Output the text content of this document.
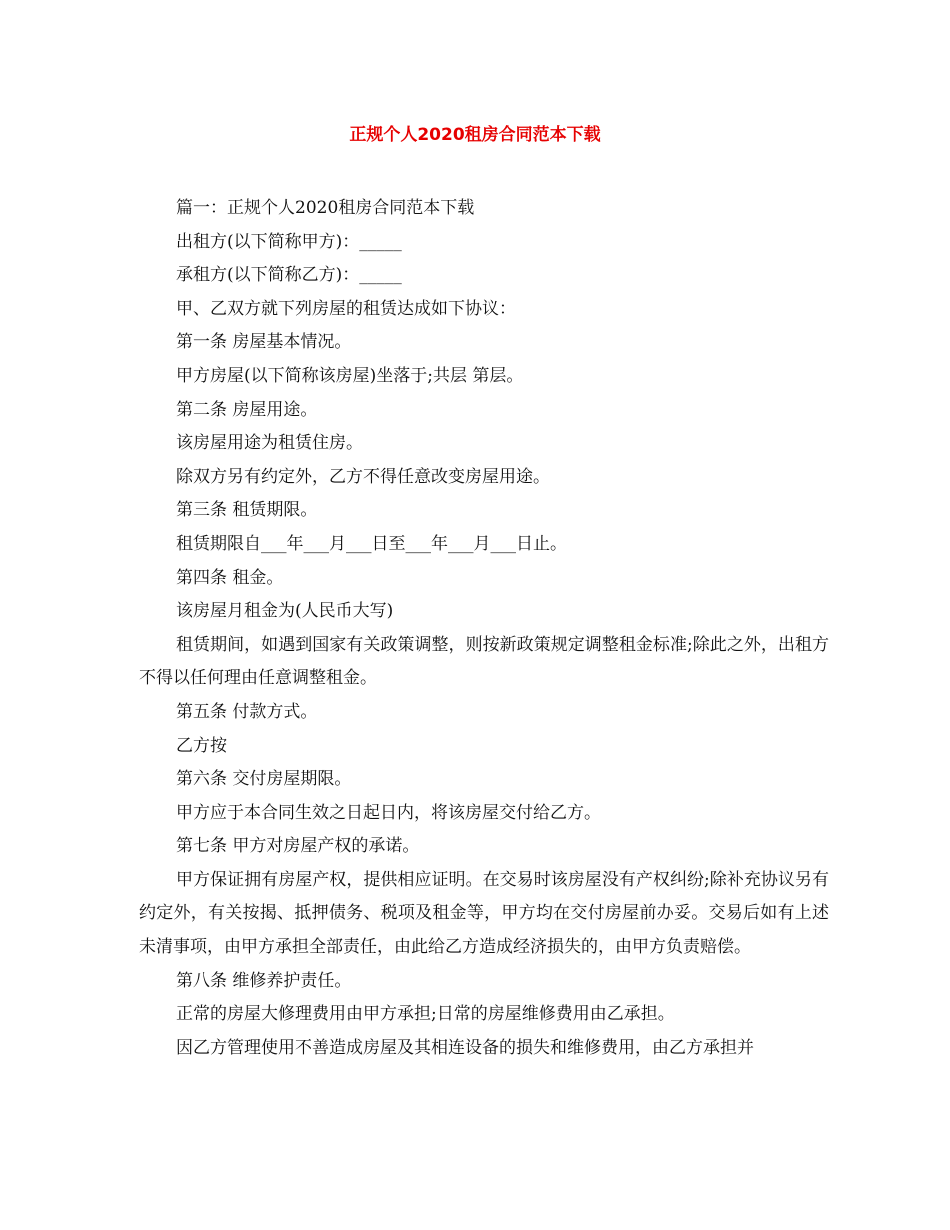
正规个人2020租房合同范本下载

篇一：正规个人2020租房合同范本下载

出租方(以下简称甲方)：_____

承租方(以下简称乙方)：_____

甲、乙双方就下列房屋的租赁达成如下协议：

第一条 房屋基本情况。

甲方房屋(以下简称该房屋)坐落于;共层 第层。

第二条 房屋用途。

该房屋用途为租赁住房。

除双方另有约定外，乙方不得任意改变房屋用途。

第三条 租赁期限。

租赁期限自___年___月___日至___年___月___日止。

第四条 租金。

该房屋月租金为(人民币大写)

租赁期间，如遇到国家有关政策调整，则按新政策规定调整租金标准;除此之外，出租方不得以任何理由任意调整租金。

第五条 付款方式。

乙方按

第六条 交付房屋期限。

甲方应于本合同生效之日起日内，将该房屋交付给乙方。

第七条 甲方对房屋产权的承诺。

甲方保证拥有房屋产权，提供相应证明。在交易时该房屋没有产权纠纷;除补充协议另有约定外，有关按揭、抵押债务、税项及租金等，甲方均在交付房屋前办妥。交易后如有上述未清事项，由甲方承担全部责任，由此给乙方造成经济损失的，由甲方负责赔偿。

第八条 维修养护责任。

正常的房屋大修理费用由甲方承担;日常的房屋维修费用由乙承担。

因乙方管理使用不善造成房屋及其相连设备的损失和维修费用，由乙方承担并
